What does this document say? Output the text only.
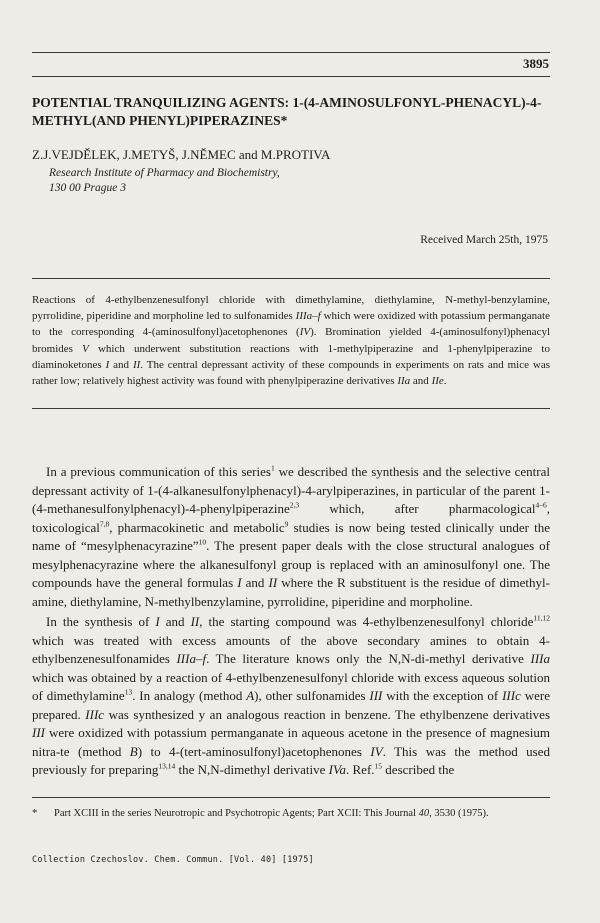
3895
POTENTIAL TRANQUILIZING AGENTS: 1-(4-AMINOSULFONYL-PHENACYL)-4-METHYL(AND PHENYL)PIPERAZINES*
Z.J.VEJDĚLEK, J.METYŠ, J.NĚMEC and M.PROTIVA
Research Institute of Pharmacy and Biochemistry,
130 00 Prague 3
Received March 25th, 1975
Reactions of 4-ethylbenzenesulfonyl chloride with dimethylamine, diethylamine, N-methyl-benzylamine, pyrrolidine, piperidine and morpholine led to sulfonamides IIIa–f which were oxidized with potassium permanganate to the corresponding 4-(aminosulfonyl)acetophenones (IV). Bromination yielded 4-(aminosulfonyl)phenacyl bromides V which underwent substitution reactions with 1-methylpiperazine and 1-phenylpiperazine to diaminoketones I and II. The central depressant activity of these compounds in experiments on rats and mice was rather low; relatively highest activity was found with phenylpiperazine derivatives IIa and IIe.

In a previous communication of this series$^1$ we described the synthesis and the selective central depressant activity of 1-(4-alkanesulfonylphenacyl)-4-arylpiperazines, in particular of the parent 1-(4-methanesulfonylphenacyl)-4-phenylpiperazine$^{2,3}$ which, after pharmacological$^{4-6}$, toxicological$^{7,8}$, pharmacokinetic and metabolic$^9$ studies is now being tested clinically under the name of “mesylphenacyrazine”$^{10}$. The present paper deals with the close structural analogues of mesylphenacyrazine where the alkanesulfonyl group is replaced with an aminosulfonyl one. The compounds have the general formulas I and II where the R substituent is the residue of dimethyl-amine, diethylamine, N-methylbenzylamine, pyrrolidine, piperidine and morpholine.

In the synthesis of I and II, the starting compound was 4-ethylbenzenesulfonyl chloride$^{11,12}$ which was treated with excess amounts of the above secondary amines to obtain 4-ethylbenzenesulfonamides IIIa–f. The literature knows only the N,N-di-methyl derivative IIIa which was obtained by a reaction of 4-ethylbenzenesulfonyl chloride with excess aqueous solution of dimethylamine$^{13}$. In analogy (method A), other sulfonamides III with the exception of IIIc were prepared. IIIc was synthesized y an analogous reaction in benzene. The ethylbenzene derivatives III were oxidized with potassium permanganate in aqueous acetone in the presence of magnesium nitra-te (method B) to 4-(tert-aminosulfonyl)acetophenones IV. This was the method used previously for preparing$^{13,14}$ the N,N-dimethyl derivative IVa. Ref.$^{15}$ described the

* Part XCIII in the series Neurotropic and Psychotropic Agents; Part XCII: This Journal 40, 3530 (1975).
Collection Czechoslov. Chem. Commun. [Vol. 40] [1975]
